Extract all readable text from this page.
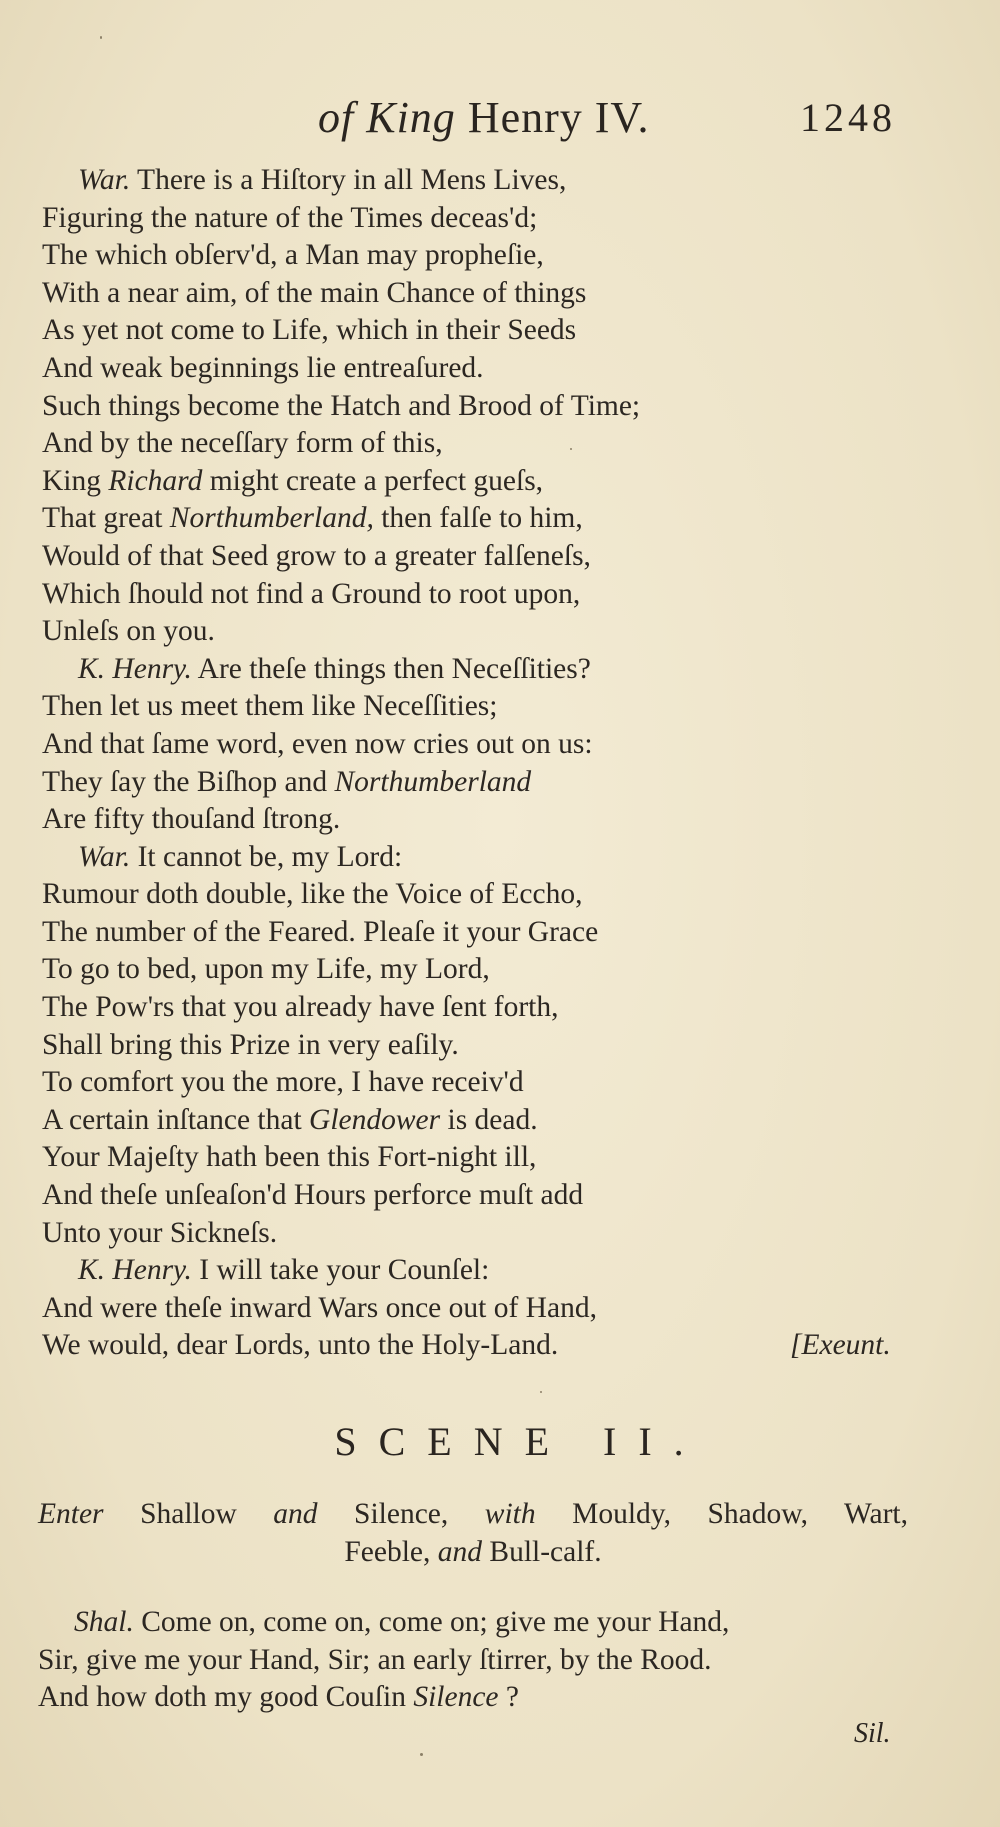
of King Henry IV.	1248
War. There is a Hiſtory in all Mens Lives,
Figuring the nature of the Times deceas'd;
The which obſerv'd, a Man may propheſie,
With a near aim, of the main Chance of things
As yet not come to Life, which in their Seeds
And weak beginnings lie entreaſured.
Such things become the Hatch and Brood of Time;
And by the neceſſary form of this,
King Richard might create a perfect gueſs,
That great Northumberland, then falſe to him,
Would of that Seed grow to a greater falſeneſs,
Which ſhould not find a Ground to root upon,
Unleſs on you.
K. Henry. Are theſe things then Neceſſities?
Then let us meet them like Neceſſities;
And that ſame word, even now cries out on us:
They ſay the Biſhop and Northumberland
Are fifty thouſand ſtrong.
War. It cannot be, my Lord:
Rumour doth double, like the Voice of Eccho,
The number of the Feared. Pleaſe it your Grace
To go to bed, upon my Life, my Lord,
The Pow'rs that you already have ſent forth,
Shall bring this Prize in very eaſily.
To comfort you the more, I have receiv'd
A certain inſtance that Glendower is dead.
Your Majeſty hath been this Fort-night ill,
And theſe unſeaſon'd Hours perforce muſt add
Unto your Sickneſs.
K. Henry. I will take your Counſel:
And were theſe inward Wars once out of Hand,
We would, dear Lords, unto the Holy-Land.	[Exeunt.
SCENE II.
Enter Shallow and Silence, with Mouldy, Shadow, Wart,
Feeble, and Bull-calf.
Shal. Come on, come on, come on; give me your Hand,
Sir, give me your Hand, Sir; an early ſtirrer, by the Rood.
And how doth my good Couſin Silence ?
Sil.
